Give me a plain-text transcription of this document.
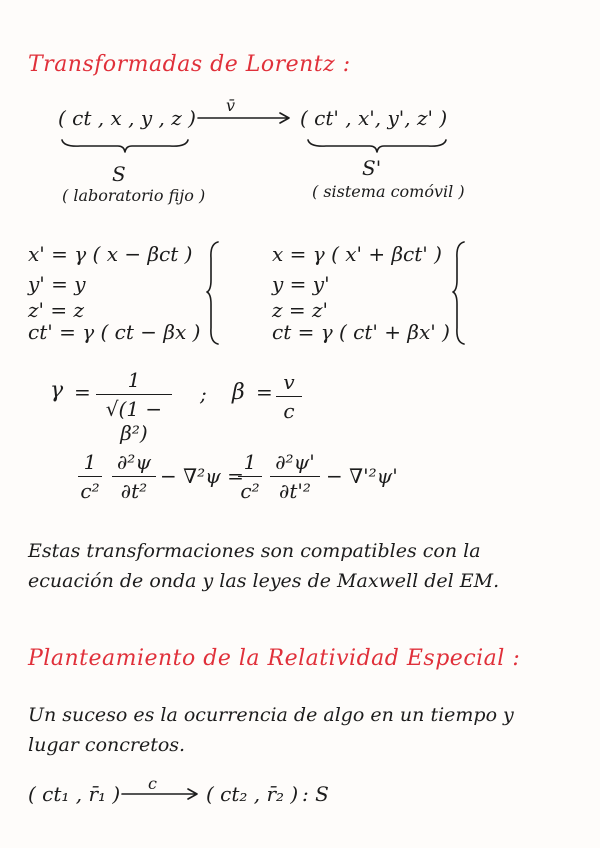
Transformadas de Lorentz :
( ct , x , y , z )
v̄
( ct' , x', y', z' )
S	S'
( laboratorio fijo )	( sistema comóvil )
x' = γ ( x − βct )
y' = y
z' = z
ct' = γ ( ct − βx )
x = γ ( x' + βct' )
y = y'
z = z'
ct = γ ( ct' + βx' )
γ =	1
√(1 − β²)
; β = v
c
1
c²
∂²ψ
∂t²
− ∇²ψ =
1
c²
∂²ψ'
∂t'²
− ∇'²ψ'
Estas transformaciones son compatibles con la ecuación de onda y las leyes de Maxwell del EM.
Planteamiento de la Relatividad Especial :
Un suceso es la ocurrencia de algo en un tiempo y lugar concretos.
( ct₁ , r̄₁ ) c ( ct₂ , r̄₂ ) : S
